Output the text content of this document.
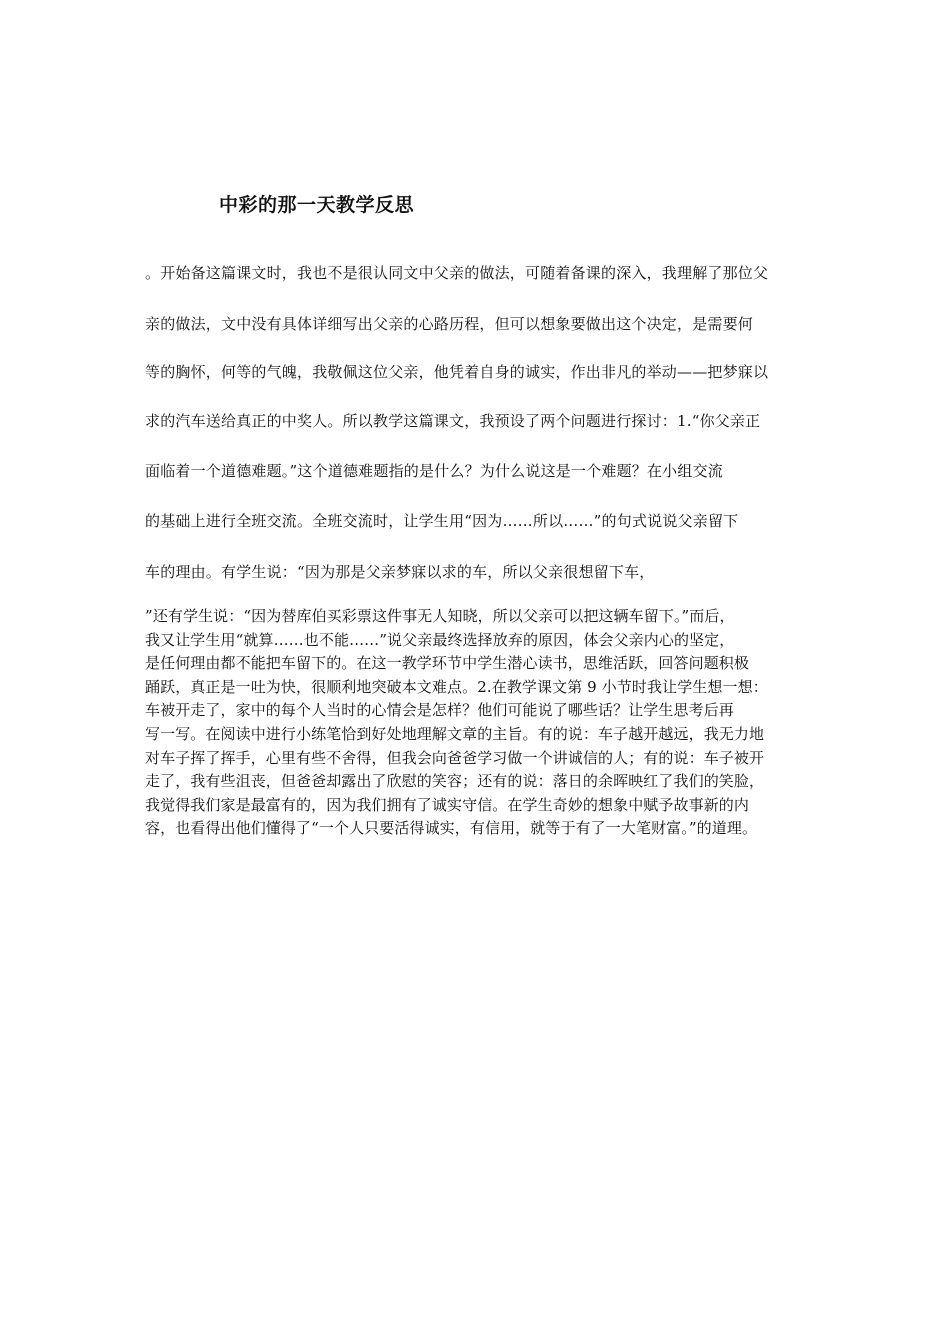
中彩的那一天教学反思
。开始备这篇课文时，我也不是很认同文中父亲的做法，可随着备课的深入，我理解了那位父
亲的做法，文中没有具体详细写出父亲的心路历程，但可以想象要做出这个决定，是需要何
等的胸怀，何等的气魄，我敬佩这位父亲，他凭着自身的诚实，作出非凡的举动——把梦寐以
求的汽车送给真正的中奖人。所以教学这篇课文，我预设了两个问题进行探讨：1.“你父亲正
面临着一个道德难题。”这个道德难题指的是什么？为什么说这是一个难题？在小组交流
的基础上进行全班交流。全班交流时，让学生用“因为……所以……”的句式说说父亲留下
车的理由。有学生说：“因为那是父亲梦寐以求的车，所以父亲很想留下车，
”还有学生说：“因为替库伯买彩票这件事无人知晓，所以父亲可以把这辆车留下。”而后，
我又让学生用“就算……也不能……”说父亲最终选择放弃的原因，体会父亲内心的坚定，
是任何理由都不能把车留下的。在这一教学环节中学生潜心读书，思维活跃，回答问题积极
踊跃，真正是一吐为快，很顺利地突破本文难点。2.在教学课文第 9 小节时我让学生想一想：
车被开走了，家中的每个人当时的心情会是怎样？他们可能说了哪些话？让学生思考后再
写一写。在阅读中进行小练笔恰到好处地理解文章的主旨。有的说：车子越开越远，我无力地
对车子挥了挥手，心里有些不舍得，但我会向爸爸学习做一个讲诚信的人；有的说：车子被开
走了，我有些沮丧，但爸爸却露出了欣慰的笑容；还有的说：落日的余晖映红了我们的笑脸，
我觉得我们家是最富有的，因为我们拥有了诚实守信。在学生奇妙的想象中赋予故事新的内
容，也看得出他们懂得了“一个人只要活得诚实，有信用，就等于有了一大笔财富。”的道理。
